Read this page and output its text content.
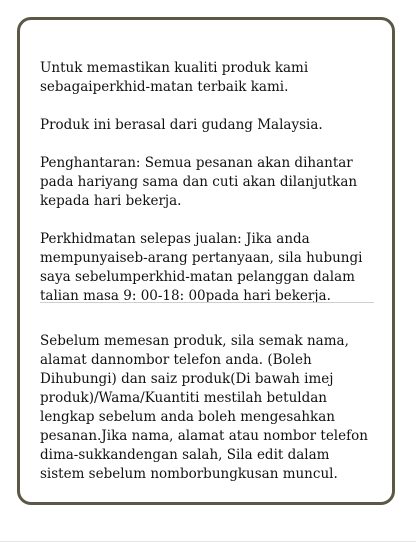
Untuk memastikan kualiti produk kami sebagaiperkhid-matan terbaik kami.

Produk ini berasal dari gudang Malaysia.

Penghantaran: Semua pesanan akan dihantar pada hariyang sama dan cuti akan dilanjutkan kepada hari bekerja.

Perkhidmatan selepas jualan: Jika anda mempunyaiseb-arang pertanyaan, sila hubungi saya sebelumperkhid-matan pelanggan dalam talian masa 9: 00-18: 00pada hari bekerja.

Sebelum memesan produk, sila semak nama, alamat dannombor telefon anda. (Boleh Dihubungi) dan saiz produk(Di bawah imej produk)/Wama/Kuantiti mestilah betuldan lengkap sebelum anda boleh mengesahkan pesanan.Jika nama, alamat atau nombor telefon dima-sukkandengan salah, Sila edit dalam sistem sebelum nomborbungkusan muncul.
